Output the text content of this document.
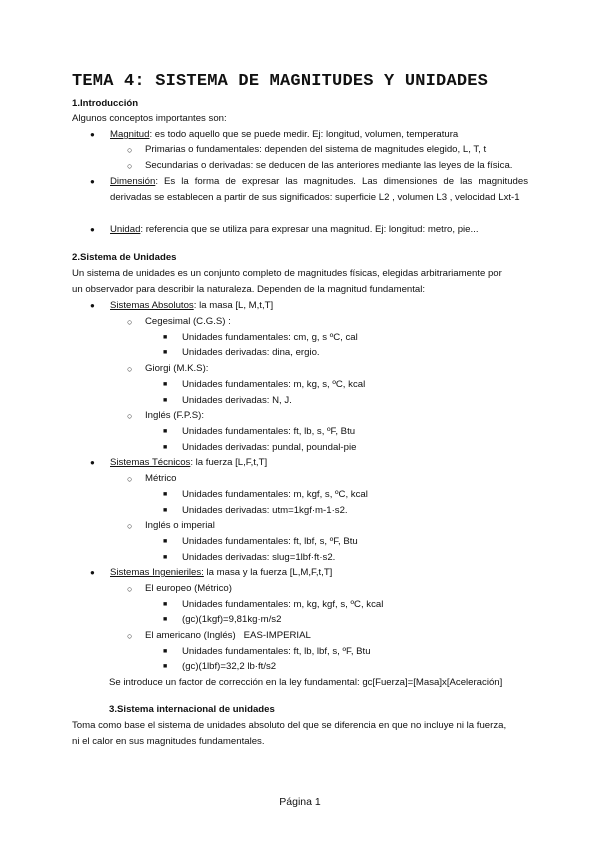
TEMA 4: SISTEMA DE MAGNITUDES Y UNIDADES
1.Introducción
Algunos conceptos importantes son:
● Magnitud: es todo aquello que se puede medir. Ej: longitud, volumen, temperatura
○ Primarias o fundamentales: dependen del sistema de magnitudes elegido, L, T, t
○ Secundarias o derivadas: se deducen de las anteriores mediante las leyes de la física.
● Dimensión: Es la forma de expresar las magnitudes. Las dimensiones de las magnitudes derivadas se establecen a partir de sus significados: superficie L2 , volumen L3 , velocidad Lxt-1
● Unidad: referencia que se utiliza para expresar una magnitud. Ej: longitud: metro, pie...
2.Sistema de Unidades
Un sistema de unidades es un conjunto completo de magnitudes físicas, elegidas arbitrariamente por
un observador para describir la naturaleza. Dependen de la magnitud fundamental:
● Sistemas Absolutos: la masa [L, M,t,T]
○ Cegesimal (C.G.S) :
■ Unidades fundamentales: cm, g, s ºC, cal
■ Unidades derivadas: dina, ergio.
○ Giorgi (M.K.S):
■ Unidades fundamentales: m, kg, s, ºC, kcal
■ Unidades derivadas: N, J.
○ Inglés (F.P.S):
■ Unidades fundamentales: ft, lb, s, ºF, Btu
■ Unidades derivadas: pundal, poundal-pie
● Sistemas Técnicos: la fuerza [L,F,t,T]
○ Métrico
■ Unidades fundamentales: m, kgf, s, ºC, kcal
■ Unidades derivadas: utm=1kgf·m-1·s2.
○ Inglés o imperial
■ Unidades fundamentales: ft, lbf, s, ºF, Btu
■ Unidades derivadas: slug=1lbf·ft·s2.
● Sistemas Ingenieriles: la masa y la fuerza [L,M,F,t,T]
○ El europeo (Métrico)
■ Unidades fundamentales: m, kg, kgf, s, ºC, kcal
■ (gc)(1kgf)=9,81kg·m/s2
○ El americano (Inglés)   EAS-IMPERIAL
■ Unidades fundamentales: ft, lb, lbf, s, ºF, Btu
■ (gc)(1lbf)=32,2 lb·ft/s2
Se introduce un factor de corrección en la ley fundamental: gc[Fuerza]=[Masa]x[Aceleración]
3.Sistema internacional de unidades
Toma como base el sistema de unidades absoluto del que se diferencia en que no incluye ni la fuerza,
ni el calor en sus magnitudes fundamentales.
Página 1
